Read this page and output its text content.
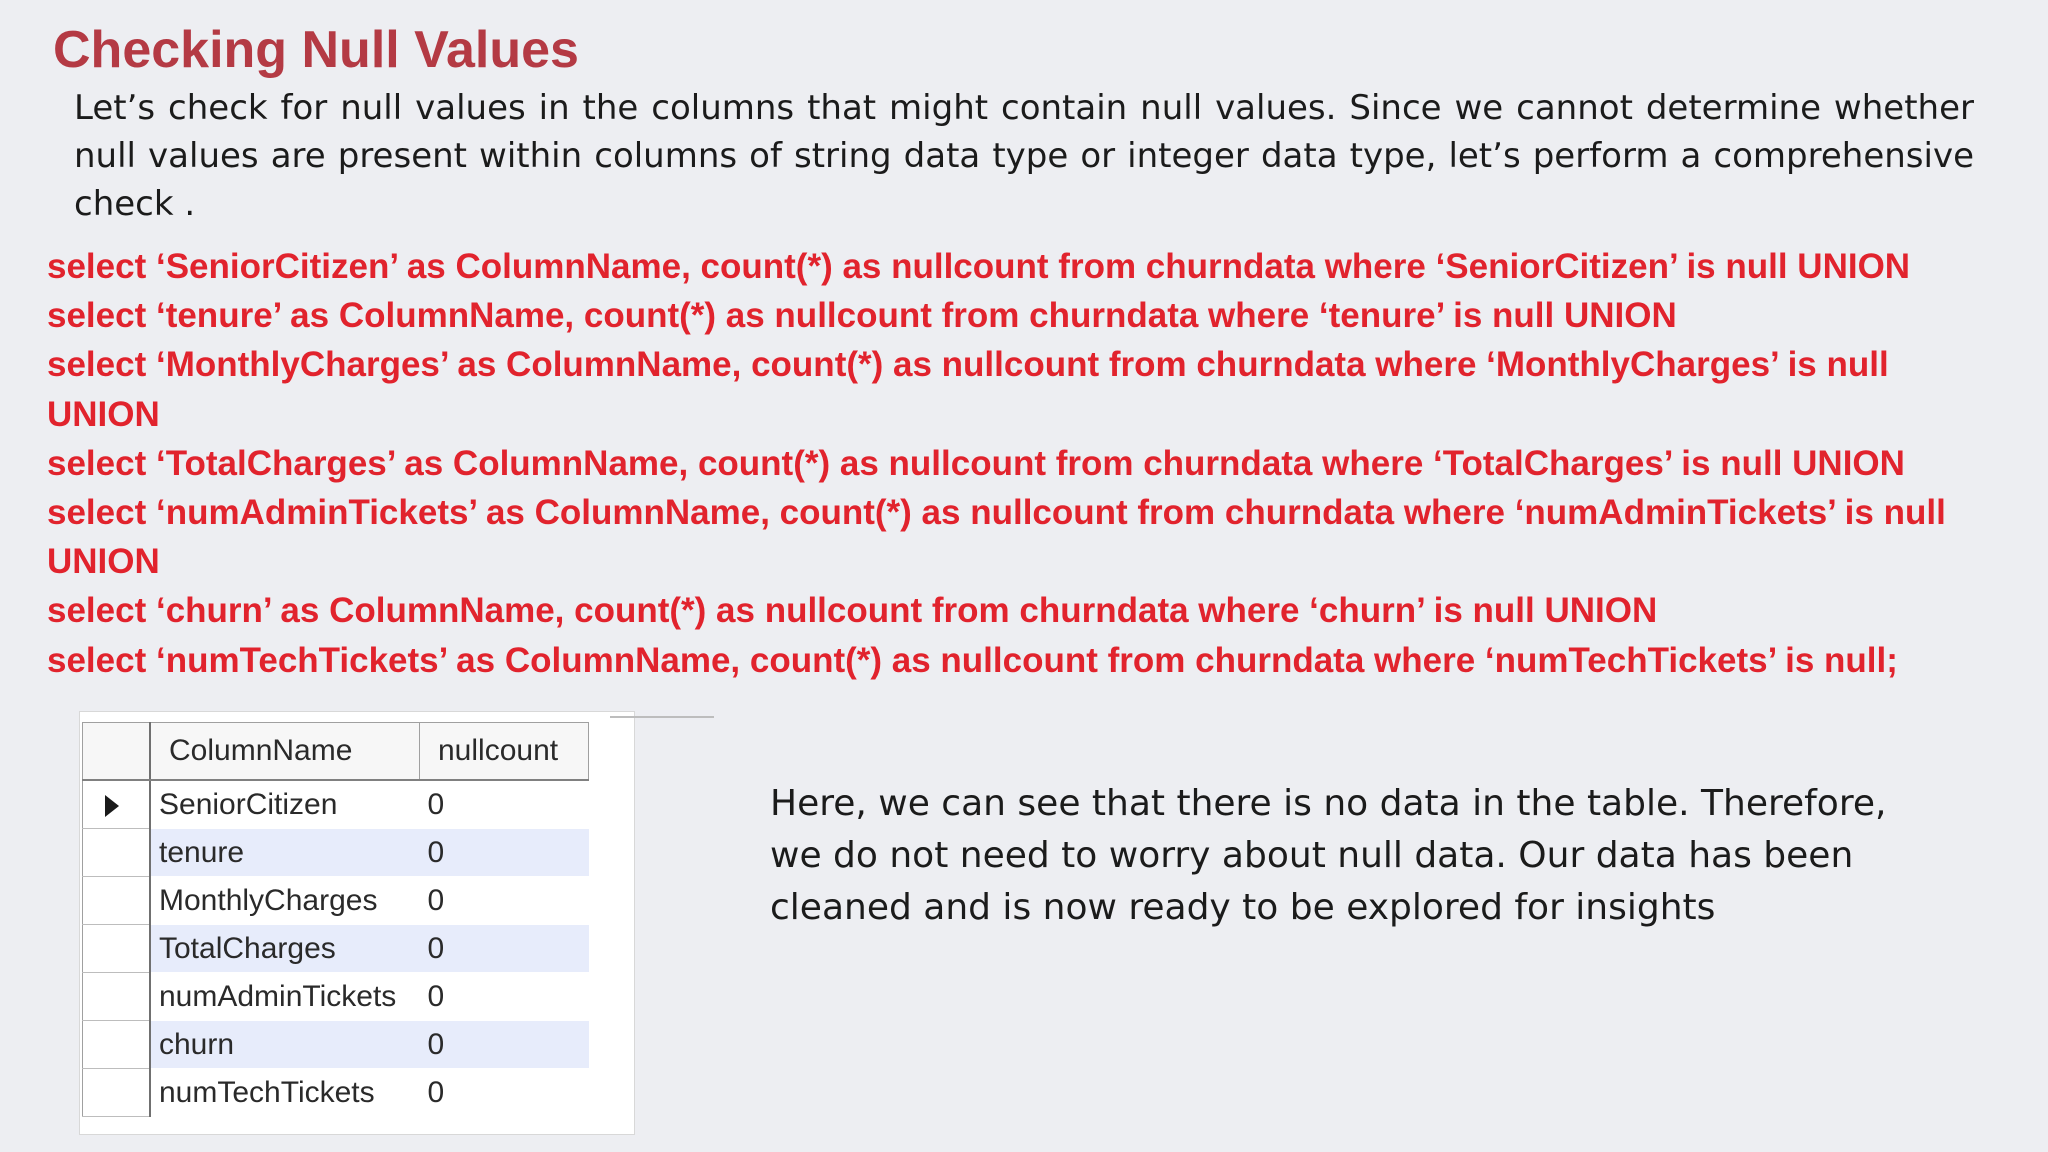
Checking Null Values

Let’s check for null values in the columns that might contain null values. Since we cannot determine whether null values are present within columns of string data type or integer data type, let’s perform a comprehensive check .

select ‘SeniorCitizen’ as ColumnName, count(*) as nullcount from churndata where ‘SeniorCitizen’ is null UNION
select ‘tenure’ as ColumnName, count(*) as nullcount from churndata where ‘tenure’ is null UNION
select ‘MonthlyCharges’ as ColumnName, count(*) as nullcount from churndata where ‘MonthlyCharges’ is null
UNION
select ‘TotalCharges’ as ColumnName, count(*) as nullcount from churndata where ‘TotalCharges’ is null UNION
select ‘numAdminTickets’ as ColumnName, count(*) as nullcount from churndata where ‘numAdminTickets’ is null
UNION
select ‘churn’ as ColumnName, count(*) as nullcount from churndata where ‘churn’ is null UNION
select ‘numTechTickets’ as ColumnName, count(*) as nullcount from churndata where ‘numTechTickets’ is null;
	ColumnName	nullcount
	SeniorCitizen	0
	tenure	0
	MonthlyCharges	0
	TotalCharges	0
	numAdminTickets	0
	churn	0
	numTechTickets	0

Here, we can see that there is no data in the table. Therefore, we do not need to worry about null data. Our data has been cleaned and is now ready to be explored for insights
